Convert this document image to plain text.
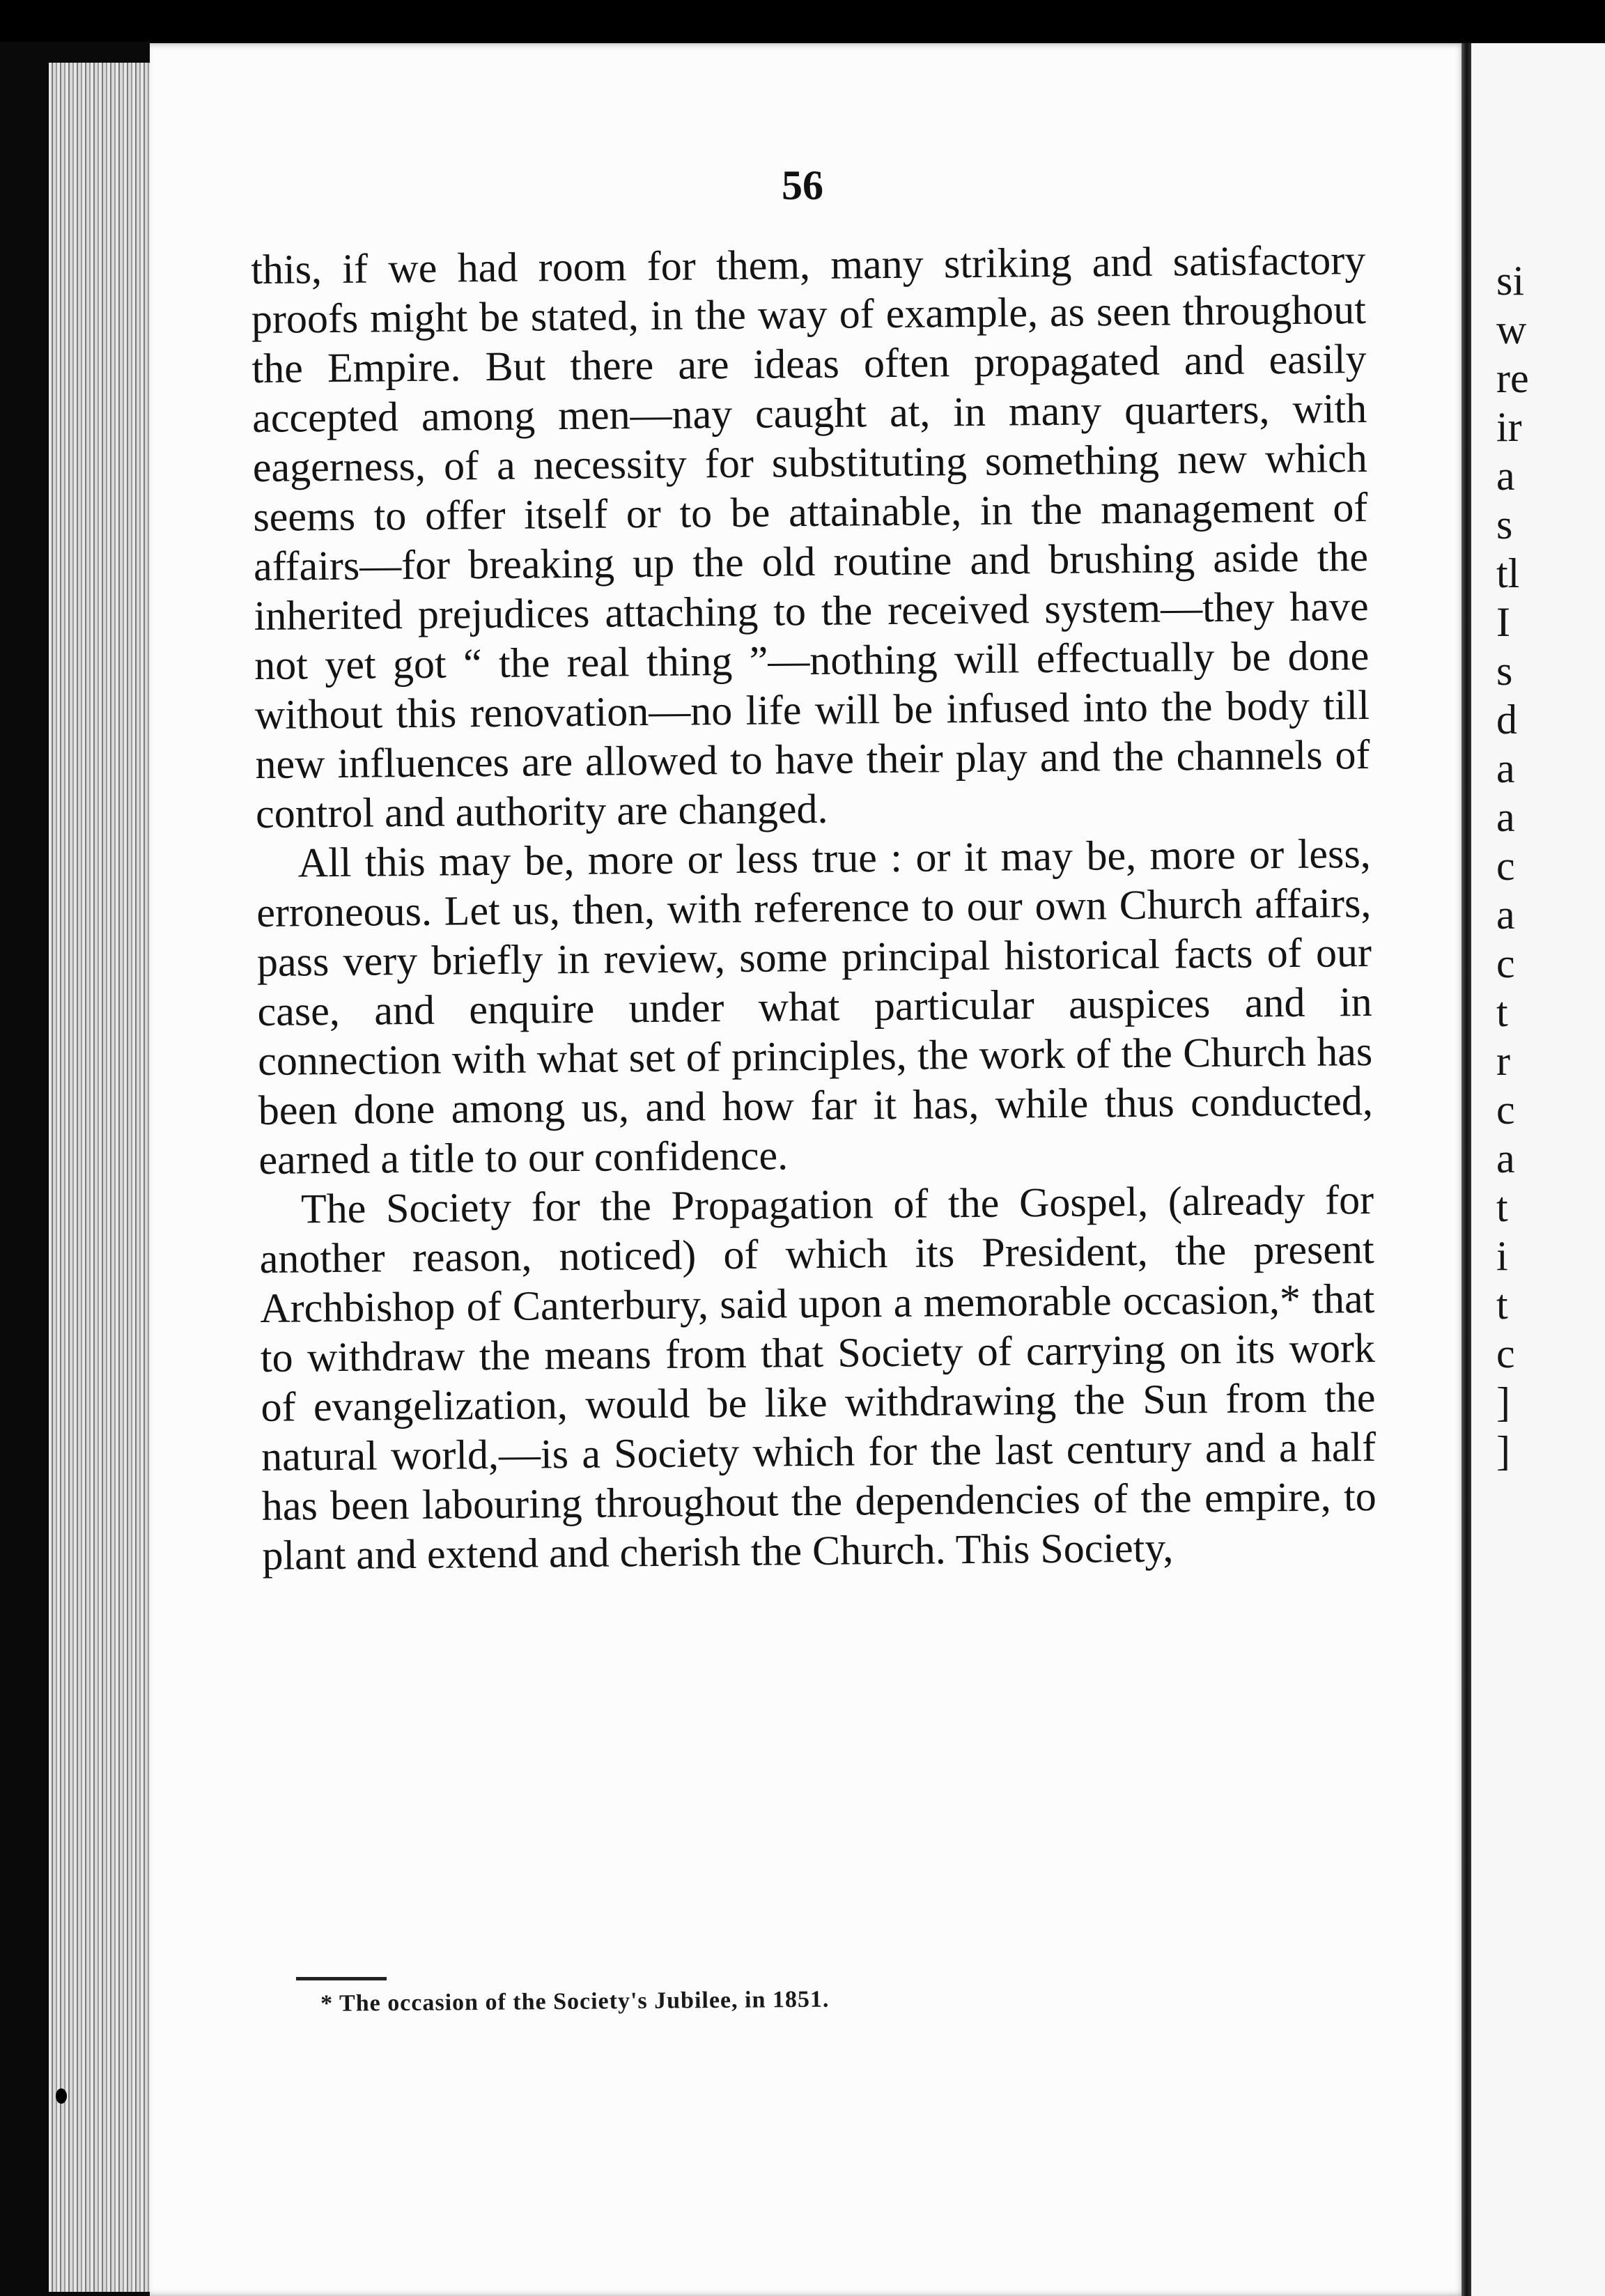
56

this, if we had room for them, many striking and satisfactory proofs might be stated, in the way of example, as seen throughout the Empire. But there are ideas often propagated and easily accepted among men—nay caught at, in many quarters, with eagerness, of a necessity for substituting something new which seems to offer itself or to be attainable, in the management of affairs—for breaking up the old routine and brushing aside the inherited prejudices attaching to the received system—they have not yet got “ the real thing ”—nothing will effectually be done without this renovation—no life will be infused into the body till new influences are allowed to have their play and the channels of control and authority are changed.

All this may be, more or less true : or it may be, more or less, erroneous. Let us, then, with reference to our own Church affairs, pass very briefly in review, some principal historical facts of our case, and enquire under what particular auspices and in connection with what set of principles, the work of the Church has been done among us, and how far it has, while thus conducted, earned a title to our confidence.

The Society for the Propagation of the Gospel, (already for another reason, noticed) of which its President, the present Archbishop of Canterbury, said upon a memorable occasion,* that to withdraw the means from that Society of carrying on its work of evangelization, would be like withdrawing the Sun from the natural world,—is a Society which for the last century and a half has been labouring throughout the dependencies of the empire, to plant and extend and cherish the Church. This Society,

* The occasion of the Society's Jubilee, in 1851.
si
w
re
ir
a
s
tl
I
s
d
a
a
c
a
c
t
r
c
a
t
i
t
c
]
]
